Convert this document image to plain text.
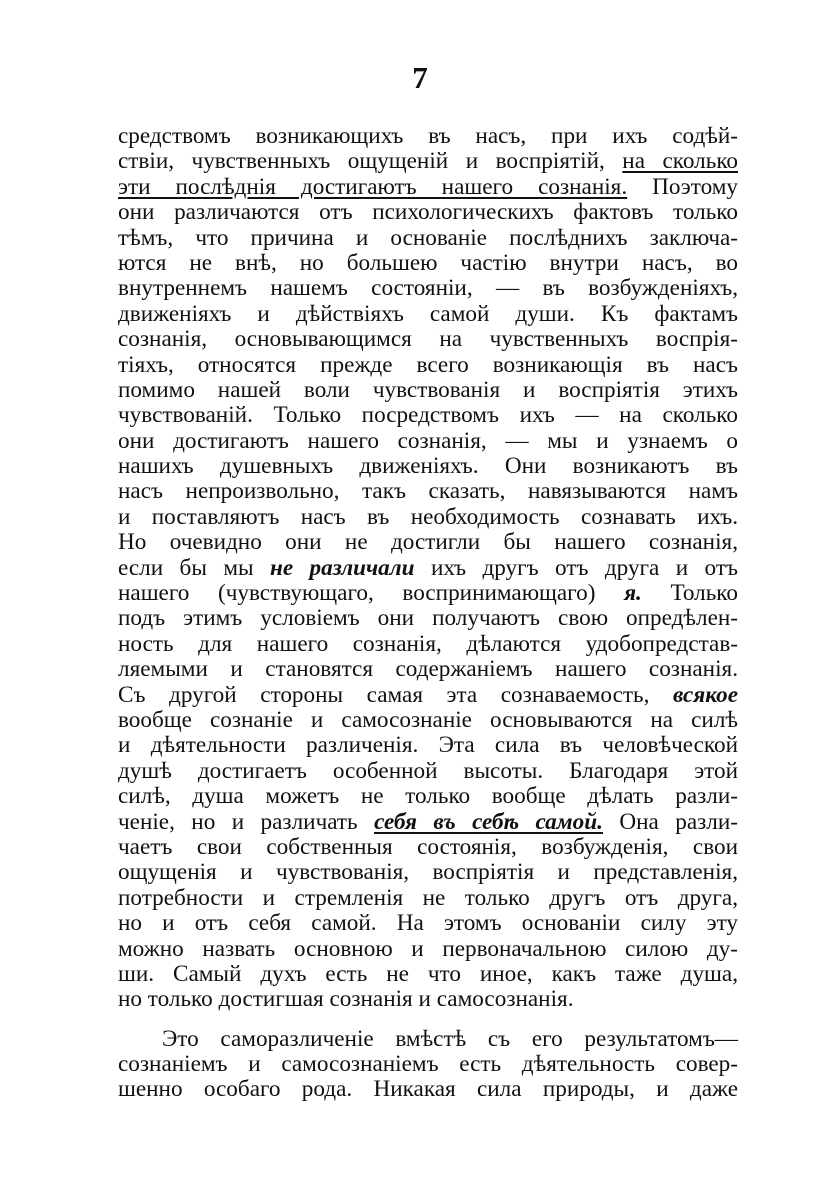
7
средствомъ возникающихъ въ насъ, при ихъ содѣй-
ствіи, чувственныхъ ощущеній и воспріятій, на сколько
эти послѣднія достигаютъ нашего сознанія. Поэтому
они различаются отъ психологическихъ фактовъ только
тѣмъ, что причина и основаніе послѣднихъ заключа-
ются не внѣ, но большею частію внутри насъ, во
внутреннемъ нашемъ состояніи, — въ возбужденіяхъ,
движеніяхъ и дѣйствіяхъ самой души. Къ фактамъ
сознанія, основывающимся на чувственныхъ воспрія-
тіяхъ, относятся прежде всего возникающія въ насъ
помимо нашей воли чувствованія и воспріятія этихъ
чувствованій. Только посредствомъ ихъ — на сколько
они достигаютъ нашего сознанія, — мы и узнаемъ о
нашихъ душевныхъ движеніяхъ. Они возникаютъ въ
насъ непроизвольно, такъ сказать, навязываются намъ
и поставляютъ насъ въ необходимость сознавать ихъ.
Но очевидно они не достигли бы нашего сознанія,
если бы мы не различали ихъ другъ отъ друга и отъ
нашего (чувствующаго, воспринимающаго) я. Только
подъ этимъ условіемъ они получаютъ свою опредѣлен-
ность для нашего сознанія, дѣлаются удобопредстав-
ляемыми и становятся содержаніемъ нашего сознанія.
Съ другой стороны самая эта сознаваемость, всякое
вообще сознаніе и самосознаніе основываются на силѣ
и дѣятельности различенія. Эта сила въ человѣческой
душѣ достигаетъ особенной высоты. Благодаря этой
силѣ, душа можетъ не только вообще дѣлать разли-
ченіе, но и различать себя въ себѣ самой. Она разли-
чаетъ свои собственныя состоянія, возбужденія, свои
ощущенія и чувствованія, воспріятія и представленія,
потребности и стремленія не только другъ отъ друга,
но и отъ себя самой. На этомъ основаніи силу эту
можно назвать основною и первоначальною силою ду-
ши. Самый духъ есть не что иное, какъ таже душа,
но только достигшая сознанія и самосознанія.
Это саморазличеніе вмѣстѣ съ его результатомъ—
сознаніемъ и самосознаніемъ есть дѣятельность совер-
шенно особаго рода. Никакая сила природы, и даже
